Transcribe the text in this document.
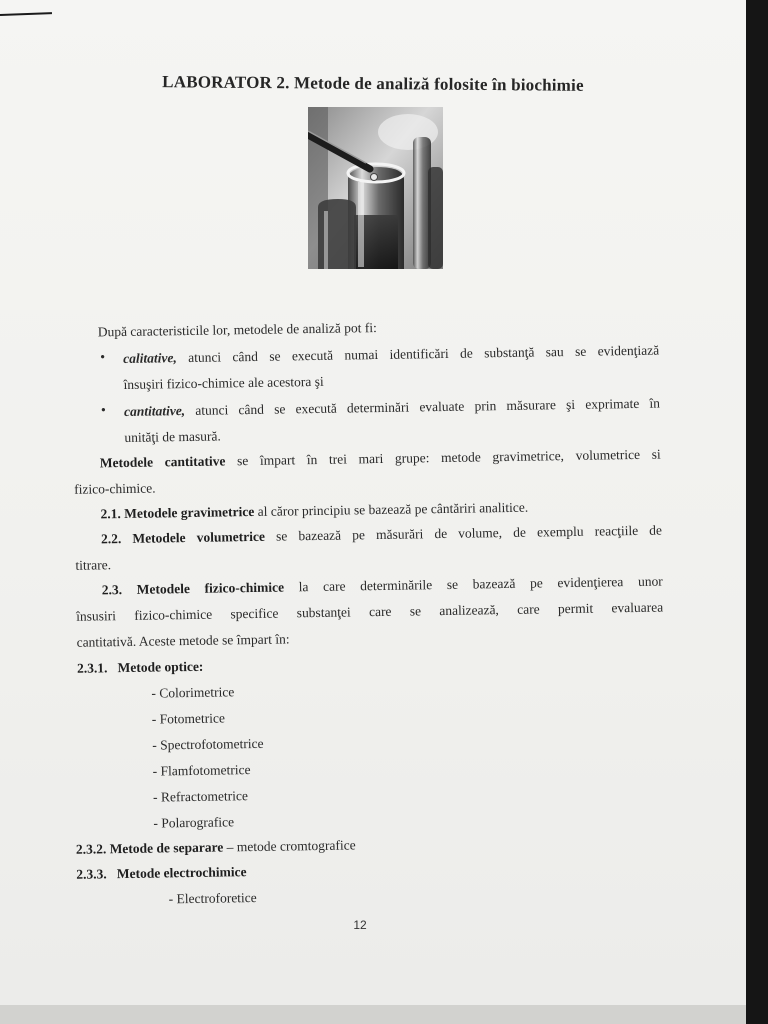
LABORATOR 2. Metode de analiză folosite în biochimie
După caracteristicile lor, metodele de analiză pot fi:
• calitative, atunci când se execută numai identificări de substanţă sau se evidenţiază
însuşiri fizico-chimice ale acestora şi
• cantitative, atunci când se execută determinări evaluate prin măsurare şi exprimate în
unităţi de masură.
Metodele cantitative se împart în trei mari grupe: metode gravimetrice, volumetrice si
fizico-chimice.
2.1. Metodele gravimetrice al căror principiu se bazează pe cântăriri analitice.
2.2. Metodele volumetrice se bazează pe măsurări de volume, de exemplu reacţiile de
titrare.
2.3. Metodele fizico-chimice la care determinările se bazează pe evidenţierea unor
însusiri fizico-chimice specifice substanţei care se analizează, care permit evaluarea
cantitativă. Aceste metode se împart în:
2.3.1. Metode optice:
- Colorimetrice
- Fotometrice
- Spectrofotometrice
- Flamfotometrice
- Refractometrice
- Polarografice
2.3.2. Metode de separare – metode cromtografice
2.3.3. Metode electrochimice
- Electroforetice
12
